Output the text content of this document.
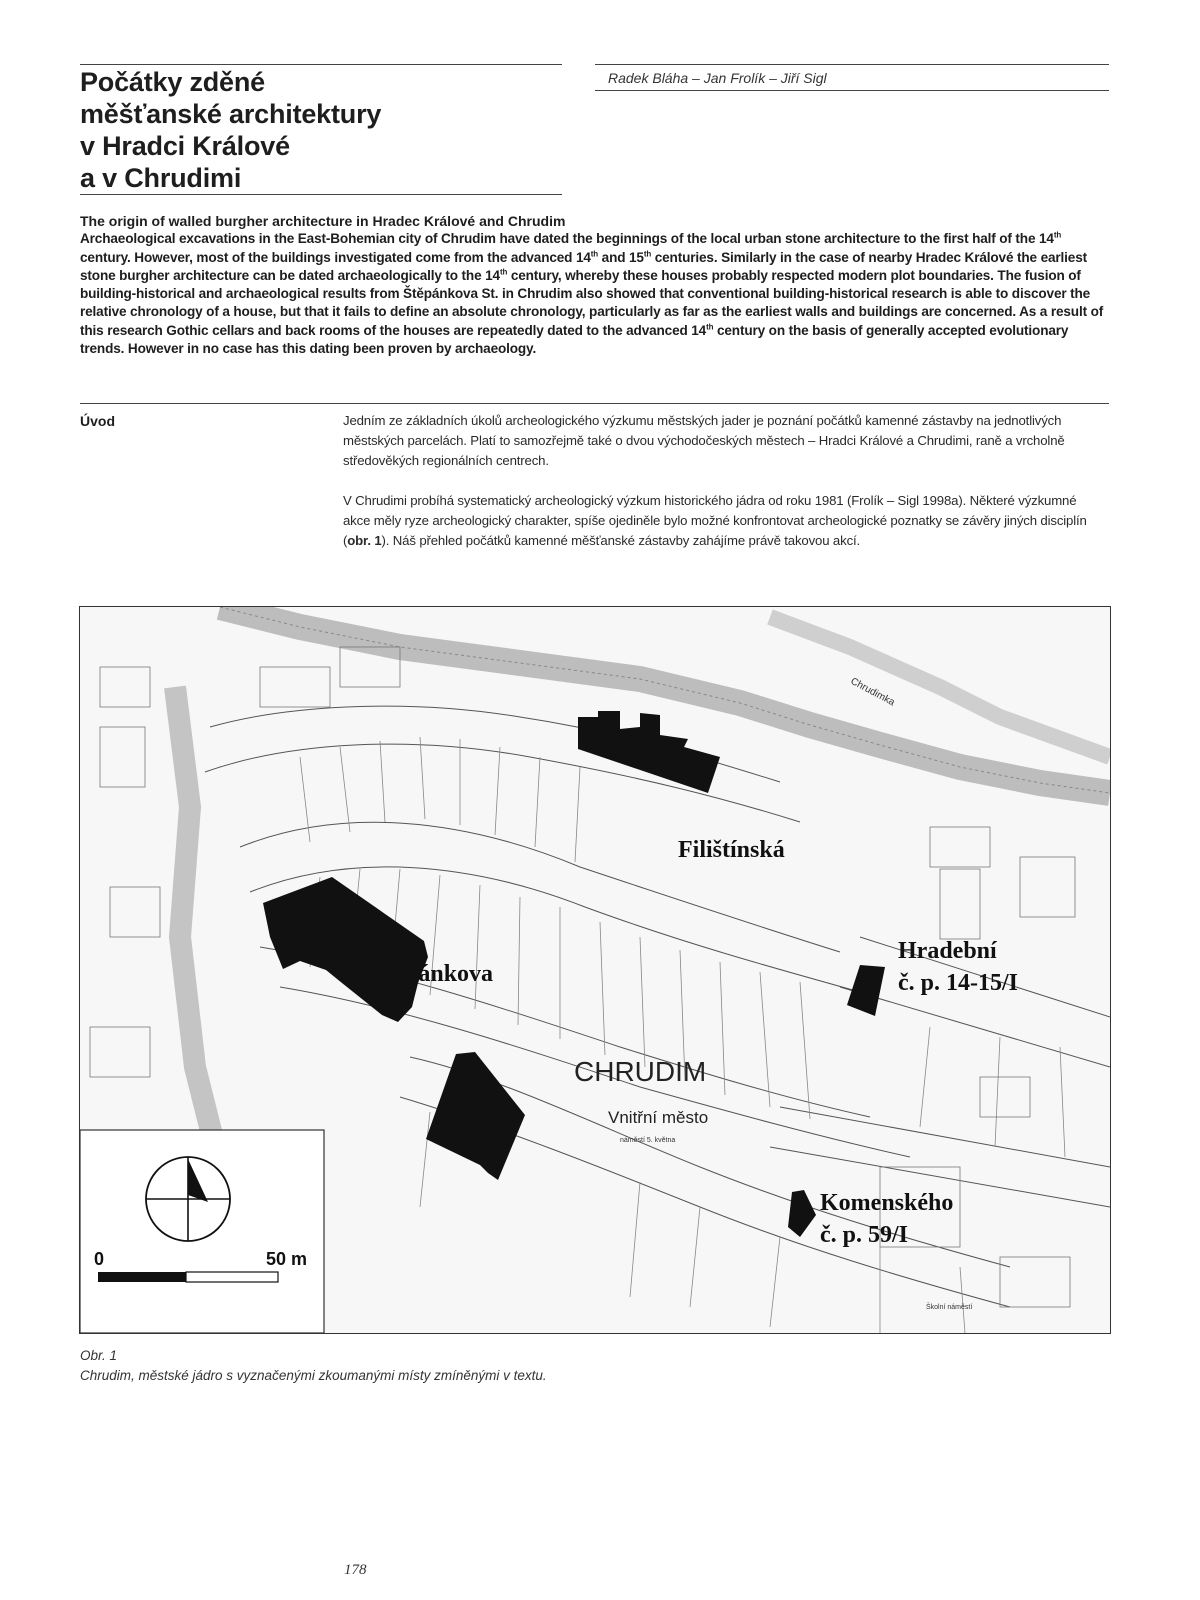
Počátky zděné
měšťanské architektury
v Hradci Králové
a v Chrudimi
Radek Bláha – Jan Frolík – Jiří Sigl
The origin of walled burgher architecture in Hradec Králové and Chrudim
Archaeological excavations in the East-Bohemian city of Chrudim have dated the beginnings of the local urban stone architecture to the first half of the 14th century. However, most of the buildings investigated come from the advanced 14th and 15th centuries. Similarly in the case of nearby Hradec Králové the earliest stone burgher architecture can be dated archaeologically to the 14th century, whereby these houses probably respected modern plot boundaries. The fusion of building-historical and archaeological results from Štěpánkova St. in Chrudim also showed that conventional building-historical research is able to discover the relative chronology of a house, but that it fails to define an absolute chronology, particularly as far as the earliest walls and buildings are concerned. As a result of this research Gothic cellars and back rooms of the houses are repeatedly dated to the advanced 14th century on the basis of generally accepted evolutionary trends. However in no case has this dating been proven by archaeology.
Úvod	Jedním ze základních úkolů archeologického výzkumu městských jader je poznání počátků kamenné zástavby na jednotlivých městských parcelách. Platí to samozřejmě také o dvou východočeských městech – Hradci Králové a Chrudimi, raně a vrcholně středověkých regionálních centrech.

V Chrudimi probíhá systematický archeologický výzkum historického jádra od roku 1981 (Frolík – Sigl 1998a). Některé výzkumné akce měly ryze archeologický charakter, spíše ojediněle bylo možné konfrontovat archeologické poznatky se závěry jiných disciplín (obr. 1). Náš přehled počátků kamenné měšťanské zástavby zahájíme právě takovou akcí.

Chrudimka
Filištínská
Štěpánkova
Hradební
č. p. 14-15/I
Komenského
č. p. 59/I
CHRUDIM
Vnitřní město
náměstí 5. května
Školní náměstí
0	50 m
Obr. 1
Chrudim, městské jádro s vyznačenými zkoumanými místy zmíněnými v textu.
178
